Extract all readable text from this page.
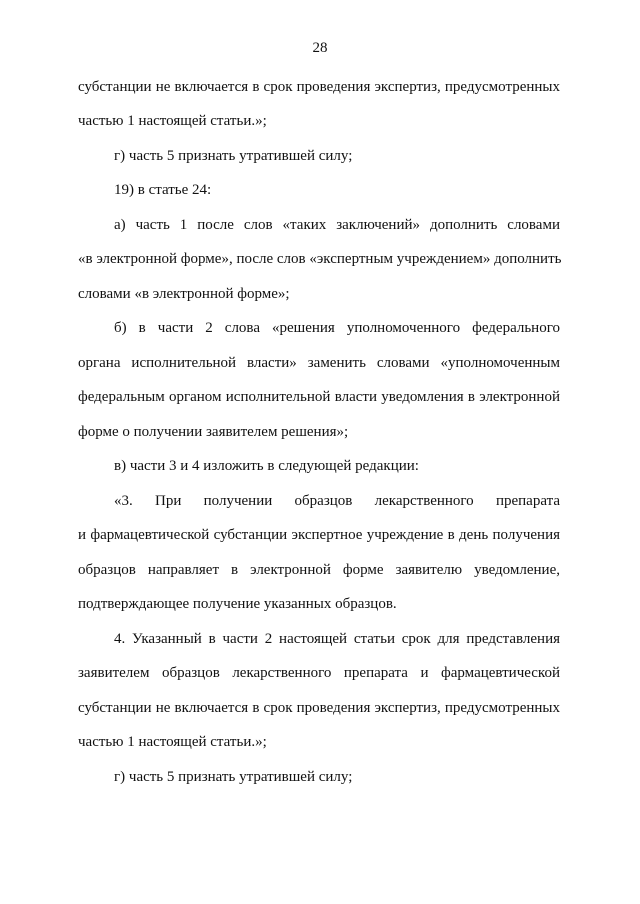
28
субстанции не включается в срок проведения экспертиз, предусмотренных
частью 1 настоящей статьи.»;
г) часть 5 признать утратившей силу;
19) в статье 24:
а) часть 1 после слов «таких заключений» дополнить словами
«в электронной форме», после слов «экспертным учреждением» дополнить
словами «в электронной форме»;
б) в части 2 слова «решения уполномоченного федерального
органа исполнительной власти» заменить словами «уполномоченным
федеральным органом исполнительной власти уведомления в электронной
форме о получении заявителем решения»;
в) части 3 и 4 изложить в следующей редакции:
«3. При получении образцов лекарственного препарата
и фармацевтической субстанции экспертное учреждение в день получения
образцов направляет в электронной форме заявителю уведомление,
подтверждающее получение указанных образцов.
4. Указанный в части 2 настоящей статьи срок для представления
заявителем образцов лекарственного препарата и фармацевтической
субстанции не включается в срок проведения экспертиз, предусмотренных
частью 1 настоящей статьи.»;
г) часть 5 признать утратившей силу;
